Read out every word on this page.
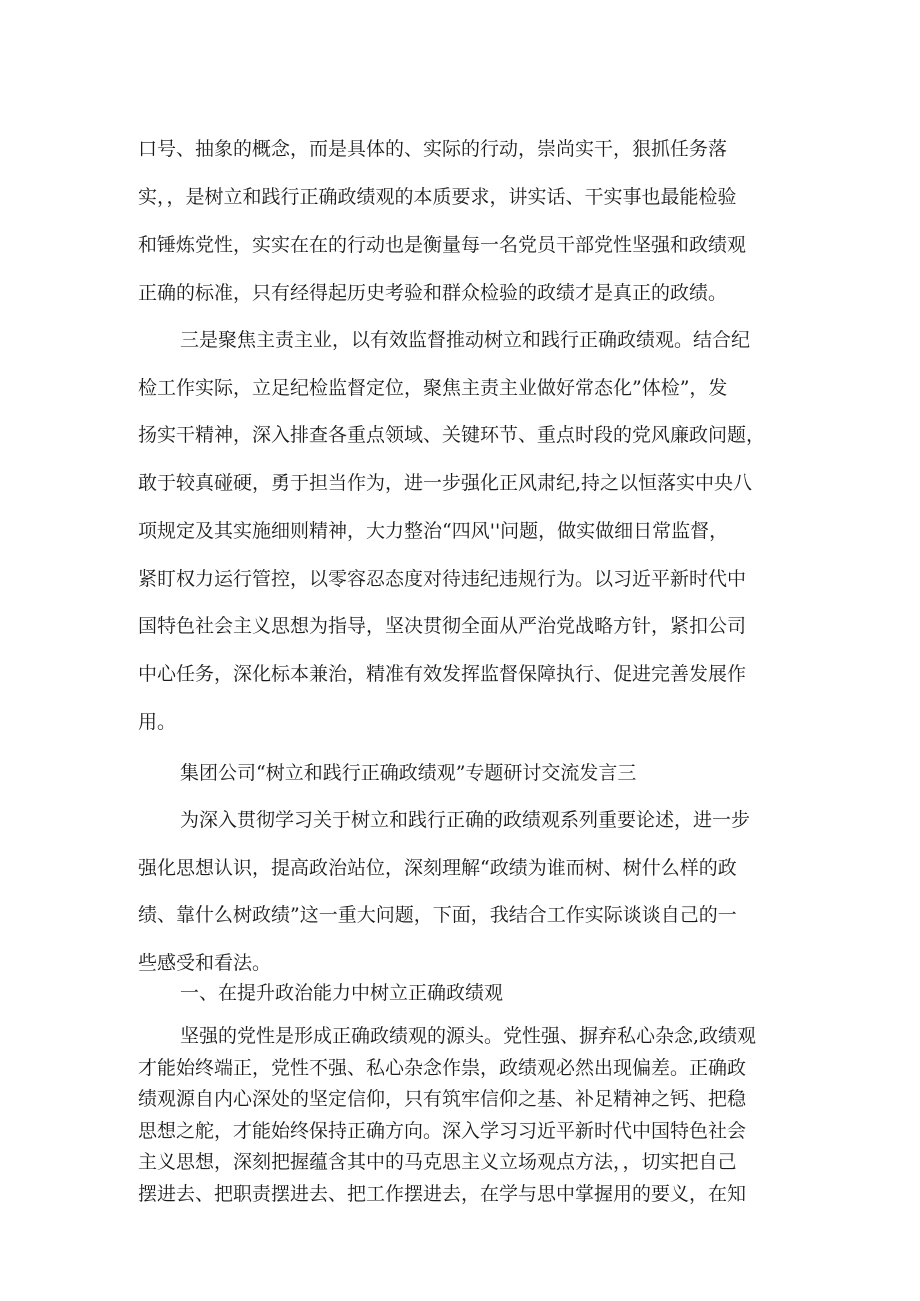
口号、抽象的概念，而是具体的、实际的行动，崇尚实干，狠抓任务落
实，，是树立和践行正确政绩观的本质要求，讲实话、干实事也最能检验
和锤炼党性，实实在在的行动也是衡量每一名党员干部党性坚强和政绩观
正确的标准，只有经得起历史考验和群众检验的政绩才是真正的政绩。

三是聚焦主责主业，以有效监督推动树立和践行正确政绩观。结合纪
检工作实际，立足纪检监督定位，聚焦主责主业做好常态化”体检”，发
扬实干精神，深入排查各重点领域、关键环节、重点时段的党风廉政问题，
敢于较真碰硬，勇于担当作为，进一步强化正风肃纪,持之以恒落实中央八
项规定及其实施细则精神，大力整治“四风''问题，做实做细日常监督，
紧盯权力运行管控，以零容忍态度对待违纪违规行为。以习近平新时代中
国特色社会主义思想为指导，坚决贯彻全面从严治党战略方针，紧扣公司
中心任务，深化标本兼治，精准有效发挥监督保障执行、促进完善发展作
用。

集团公司“树立和践行正确政绩观”专题研讨交流发言三

为深入贯彻学习关于树立和践行正确的政绩观系列重要论述，进一步
强化思想认识，提高政治站位，深刻理解“政绩为谁而树、树什么样的政
绩、靠什么树政绩”这一重大问题，下面，我结合工作实际谈谈自己的一
些感受和看法。

一、在提升政治能力中树立正确政绩观

坚强的党性是形成正确政绩观的源头。党性强、摒弃私心杂念,政绩观
才能始终端正，党性不强、私心杂念作祟，政绩观必然出现偏差。正确政
绩观源自内心深处的坚定信仰，只有筑牢信仰之基、补足精神之钙、把稳
思想之舵，才能始终保持正确方向。深入学习习近平新时代中国特色社会
主义思想，深刻把握蕴含其中的马克思主义立场观点方法，，切实把自己
摆进去、把职责摆进去、把工作摆进去，在学与思中掌握用的要义，在知
